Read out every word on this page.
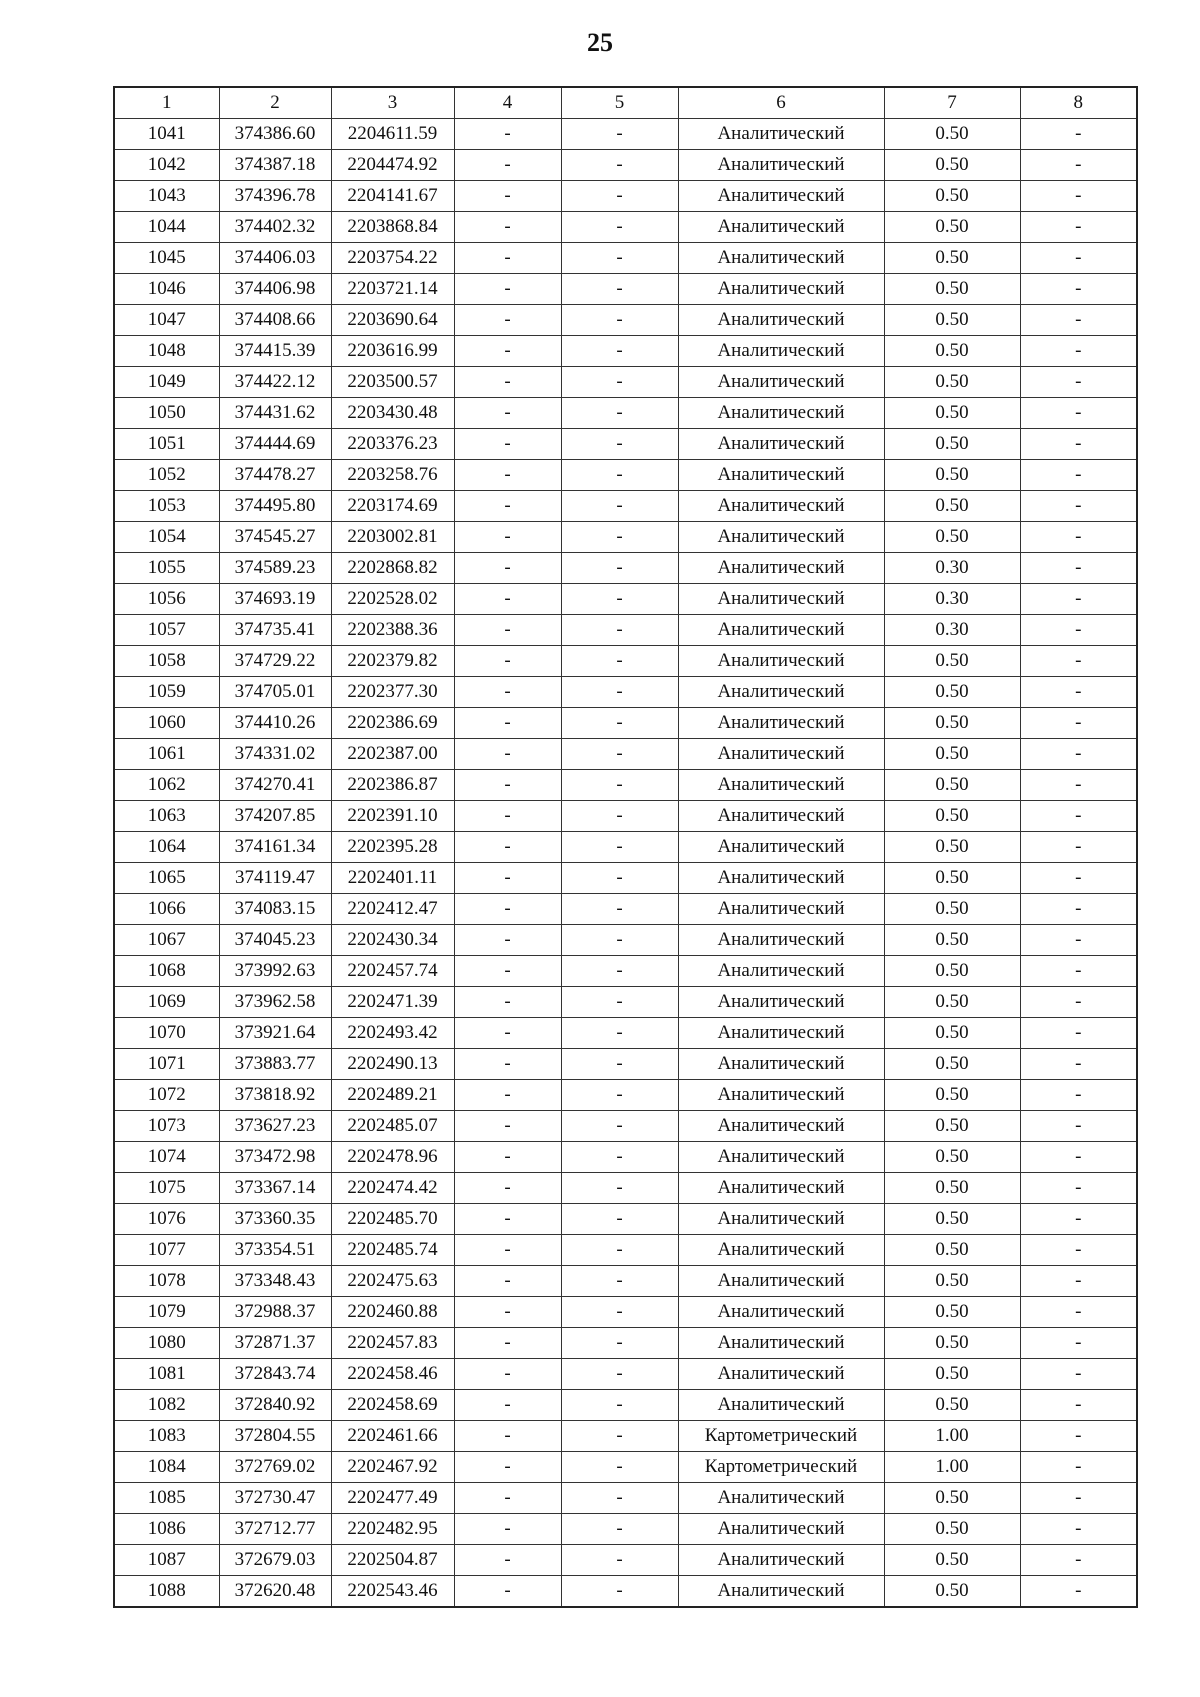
25
1	2	3	4	5	6	7	8
1041	374386.60	2204611.59	-	-	Аналитический	0.50	-
1042	374387.18	2204474.92	-	-	Аналитический	0.50	-
1043	374396.78	2204141.67	-	-	Аналитический	0.50	-
1044	374402.32	2203868.84	-	-	Аналитический	0.50	-
1045	374406.03	2203754.22	-	-	Аналитический	0.50	-
1046	374406.98	2203721.14	-	-	Аналитический	0.50	-
1047	374408.66	2203690.64	-	-	Аналитический	0.50	-
1048	374415.39	2203616.99	-	-	Аналитический	0.50	-
1049	374422.12	2203500.57	-	-	Аналитический	0.50	-
1050	374431.62	2203430.48	-	-	Аналитический	0.50	-
1051	374444.69	2203376.23	-	-	Аналитический	0.50	-
1052	374478.27	2203258.76	-	-	Аналитический	0.50	-
1053	374495.80	2203174.69	-	-	Аналитический	0.50	-
1054	374545.27	2203002.81	-	-	Аналитический	0.50	-
1055	374589.23	2202868.82	-	-	Аналитический	0.30	-
1056	374693.19	2202528.02	-	-	Аналитический	0.30	-
1057	374735.41	2202388.36	-	-	Аналитический	0.30	-
1058	374729.22	2202379.82	-	-	Аналитический	0.50	-
1059	374705.01	2202377.30	-	-	Аналитический	0.50	-
1060	374410.26	2202386.69	-	-	Аналитический	0.50	-
1061	374331.02	2202387.00	-	-	Аналитический	0.50	-
1062	374270.41	2202386.87	-	-	Аналитический	0.50	-
1063	374207.85	2202391.10	-	-	Аналитический	0.50	-
1064	374161.34	2202395.28	-	-	Аналитический	0.50	-
1065	374119.47	2202401.11	-	-	Аналитический	0.50	-
1066	374083.15	2202412.47	-	-	Аналитический	0.50	-
1067	374045.23	2202430.34	-	-	Аналитический	0.50	-
1068	373992.63	2202457.74	-	-	Аналитический	0.50	-
1069	373962.58	2202471.39	-	-	Аналитический	0.50	-
1070	373921.64	2202493.42	-	-	Аналитический	0.50	-
1071	373883.77	2202490.13	-	-	Аналитический	0.50	-
1072	373818.92	2202489.21	-	-	Аналитический	0.50	-
1073	373627.23	2202485.07	-	-	Аналитический	0.50	-
1074	373472.98	2202478.96	-	-	Аналитический	0.50	-
1075	373367.14	2202474.42	-	-	Аналитический	0.50	-
1076	373360.35	2202485.70	-	-	Аналитический	0.50	-
1077	373354.51	2202485.74	-	-	Аналитический	0.50	-
1078	373348.43	2202475.63	-	-	Аналитический	0.50	-
1079	372988.37	2202460.88	-	-	Аналитический	0.50	-
1080	372871.37	2202457.83	-	-	Аналитический	0.50	-
1081	372843.74	2202458.46	-	-	Аналитический	0.50	-
1082	372840.92	2202458.69	-	-	Аналитический	0.50	-
1083	372804.55	2202461.66	-	-	Картометрический	1.00	-
1084	372769.02	2202467.92	-	-	Картометрический	1.00	-
1085	372730.47	2202477.49	-	-	Аналитический	0.50	-
1086	372712.77	2202482.95	-	-	Аналитический	0.50	-
1087	372679.03	2202504.87	-	-	Аналитический	0.50	-
1088	372620.48	2202543.46	-	-	Аналитический	0.50	-
